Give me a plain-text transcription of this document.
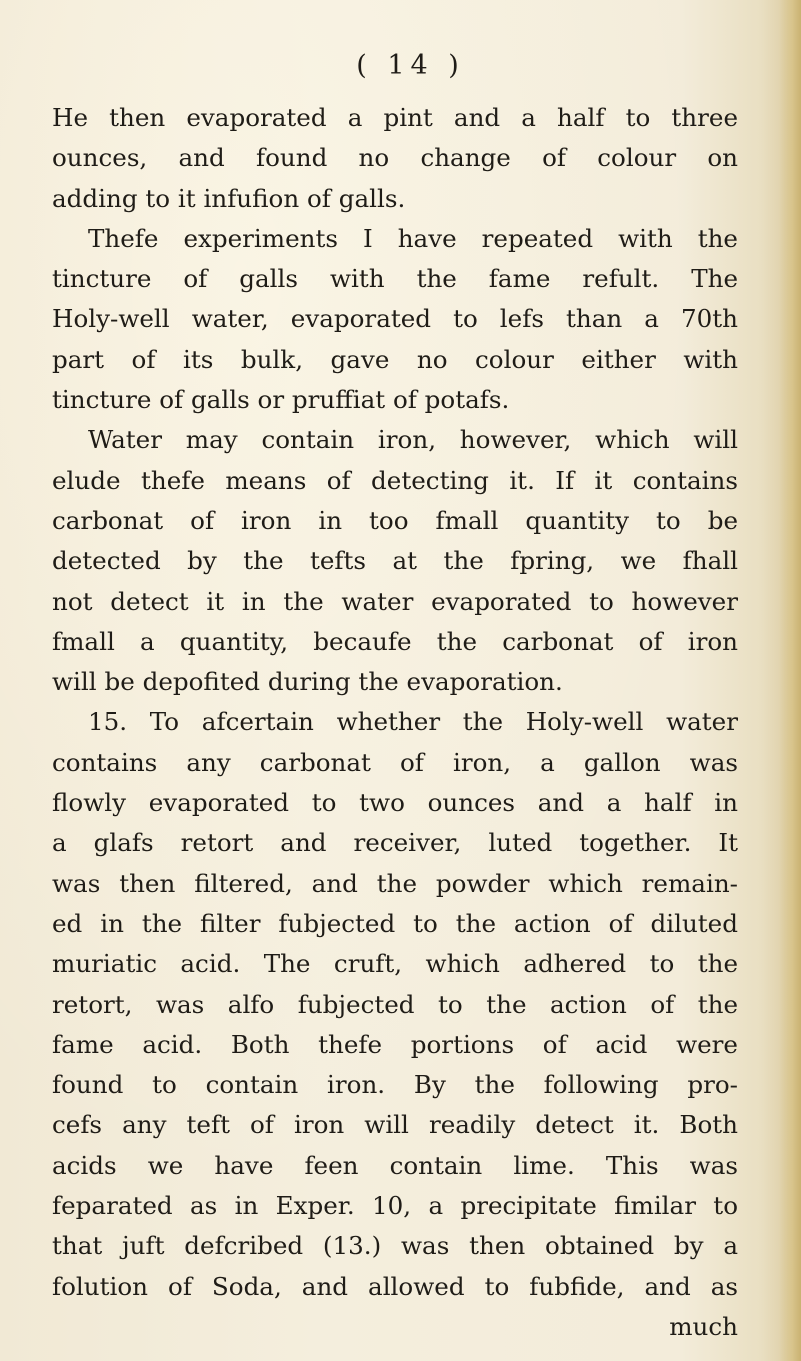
( 14 )
He then evaporated a pint and a half to three
ounces, and found no change of colour on
adding to it infufion of galls.
Thefe experiments I have repeated with the
tincture of galls with the fame refult. The
Holy-well water, evaporated to lefs than a 70th
part of its bulk, gave no colour either with
tincture of galls or pruffiat of potafs.
Water may contain iron, however, which will
elude thefe means of detecting it. If it contains
carbonat of iron in too fmall quantity to be
detected by the tefts at the fpring, we fhall
not detect it in the water evaporated to however
fmall a quantity, becaufe the carbonat of iron
will be depofited during the evaporation.
15. To afcertain whether the Holy-well water
contains any carbonat of iron, a gallon was
flowly evaporated to two ounces and a half in
a glafs retort and receiver, luted together. It
was then filtered, and the powder which remain-
ed in the filter fubjected to the action of diluted
muriatic acid. The cruft, which adhered to the
retort, was alfo fubjected to the action of the
fame acid. Both thefe portions of acid were
found to contain iron. By the following pro-
cefs any teft of iron will readily detect it. Both
acids we have feen contain lime. This was
feparated as in Exper. 10, a precipitate fimilar to
that juft defcribed (13.) was then obtained by a
folution of Soda, and allowed to fubfide, and as
much
